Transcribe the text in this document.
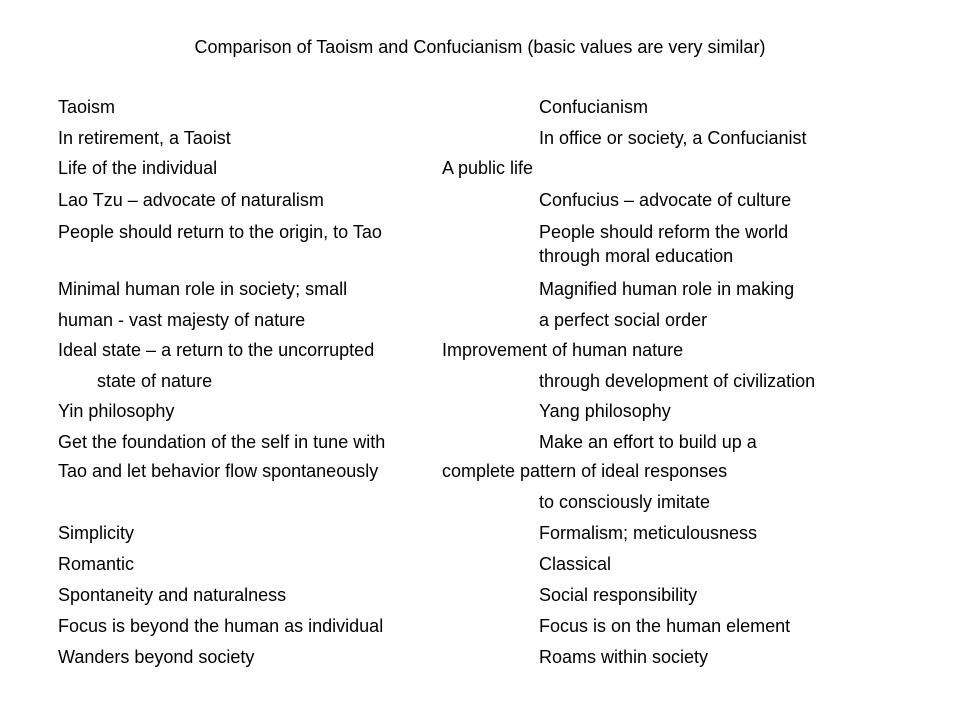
Comparison of Taoism and Confucianism (basic values are very similar)
Taoism	Confucianism
In retirement, a Taoist	In office or society, a Confucianist
Life of the individual	A public life
Lao Tzu – advocate of naturalism	Confucius – advocate of culture
People should return to the origin, to Tao	People should reform the world
through moral education
Minimal human role in society; small	Magnified human role in making
human - vast majesty of nature	a perfect social order
Ideal state – a return to the uncorrupted	Improvement of human nature
state of nature	through development of civilization
Yin philosophy	Yang philosophy
Get the foundation of the self in tune with	Make an effort to build up a
Tao and let behavior flow spontaneously	complete pattern of ideal responses
to consciously imitate
Simplicity	Formalism; meticulousness
Romantic	Classical
Spontaneity and naturalness	Social responsibility
Focus is beyond the human as individual	Focus is on the human element
Wanders beyond society	Roams within society
